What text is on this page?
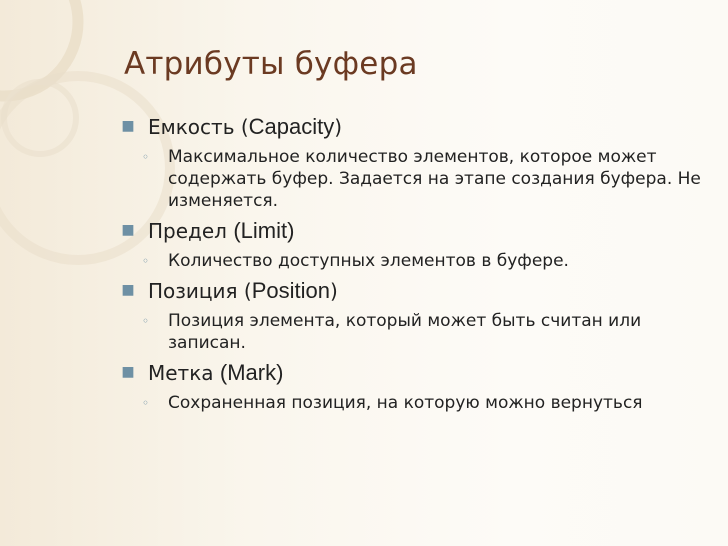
Атрибуты буфера
■ Емкость (Capacity)
◦	Максимальное количество элементов, которое может содержать буфер. Задается на этапе создания буфера. Не изменяется.
■ Предел (Limit)
◦	Количество доступных элементов в буфере.
■ Позиция (Position)
◦	Позиция элемента, который может быть считан или записан.
■ Метка (Mark)
◦	Сохраненная позиция, на которую можно вернуться
